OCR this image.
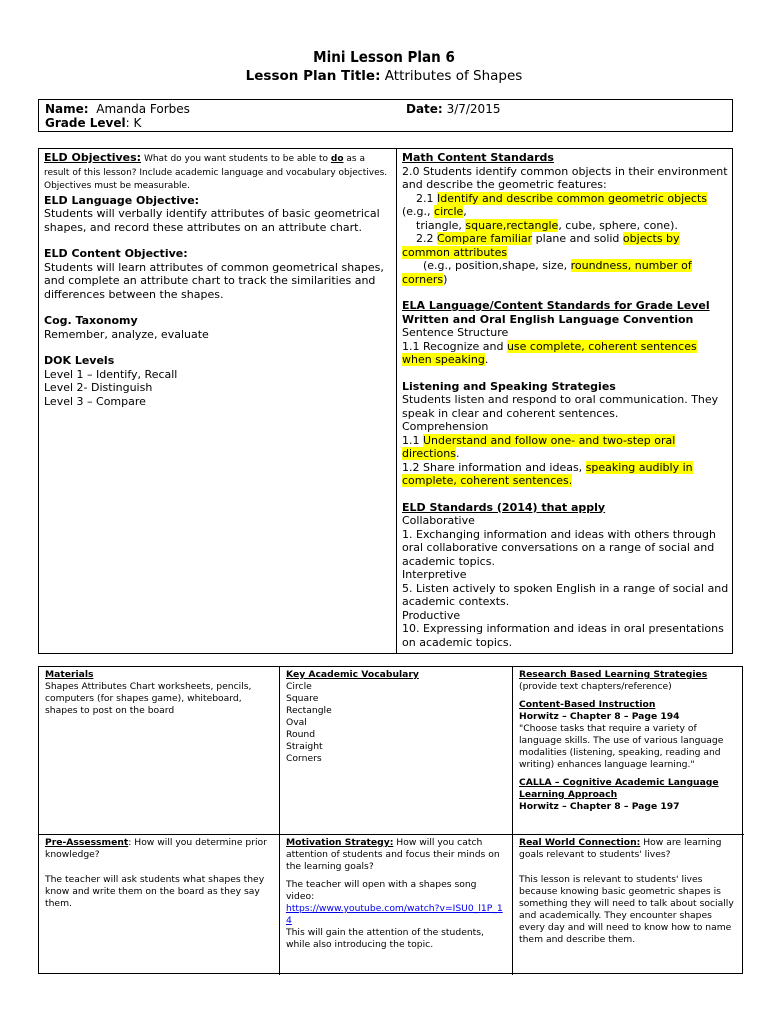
Mini Lesson Plan 6
Lesson Plan Title: Attributes of Shapes
Name: Amanda Forbes
Grade Level: K
Date: 3/7/2015

ELD Objectives: What do you want students to be able to do as a result of this lesson? Include academic language and vocabulary objectives. Objectives must be measurable.

ELD Language Objective:

Students will verbally identify attributes of basic geometrical shapes, and record these attributes on an attribute chart.

ELD Content Objective:

Students will learn attributes of common geometrical shapes, and complete an attribute chart to track the similarities and differences between the shapes.

Cog. Taxonomy

Remember, analyze, evaluate

DOK Levels

Level 1 – Identify, Recall

Level 2- Distinguish

Level 3 – Compare

Math Content Standards

2.0 Students identify common objects in their environment and describe the geometric features:

2.1 Identify and describe common geometric objects (e.g., circle,
triangle, square,rectangle, cube, sphere, cone).

2.2 Compare familiar plane and solid objects by common attributes
(e.g., position,shape, size, roundness, number of corners)

ELA Language/Content Standards for Grade Level

Written and Oral English Language Convention

Sentence Structure

1.1 Recognize and use complete, coherent sentences when speaking.

Listening and Speaking Strategies

Students listen and respond to oral communication. They speak in clear and coherent sentences.

Comprehension

1.1 Understand and follow one- and two-step oral directions.

1.2 Share information and ideas, speaking audibly in complete, coherent sentences.

ELD Standards (2014) that apply

Collaborative

1. Exchanging information and ideas with others through oral collaborative conversations on a range of social and academic topics.

Interpretive

5. Listen actively to spoken English in a range of social and academic contexts.

Productive

10. Expressing information and ideas in oral presentations on academic topics.

Materials

Shapes Attributes Chart worksheets, pencils, computers (for shapes game), whiteboard, shapes to post on the board

Key Academic Vocabulary

Circle

Square

Rectangle

Oval

Round

Straight

Corners

Research Based Learning Strategies

(provide text chapters/reference)

Content-Based Instruction

Horwitz – Chapter 8 – Page 194

"Choose tasks that require a variety of language skills. The use of various language modalities (listening, speaking, reading and writing) enhances language learning."

CALLA – Cognitive Academic Language Learning Approach

Horwitz – Chapter 8 – Page 197

Pre-Assessment: How will you determine prior knowledge?

The teacher will ask students what shapes they know and write them on the board as they say them.

Motivation Strategy: How will you catch attention of students and focus their minds on the learning goals?

The teacher will open with a shapes song video:

https://www.youtube.com/watch?v=ISU0_l1P_14

This will gain the attention of the students, while also introducing the topic.

Real World Connection: How are learning goals relevant to students' lives?

This lesson is relevant to students' lives because knowing basic geometric shapes is something they will need to talk about socially and academically. They encounter shapes every day and will need to know how to name them and describe them.
